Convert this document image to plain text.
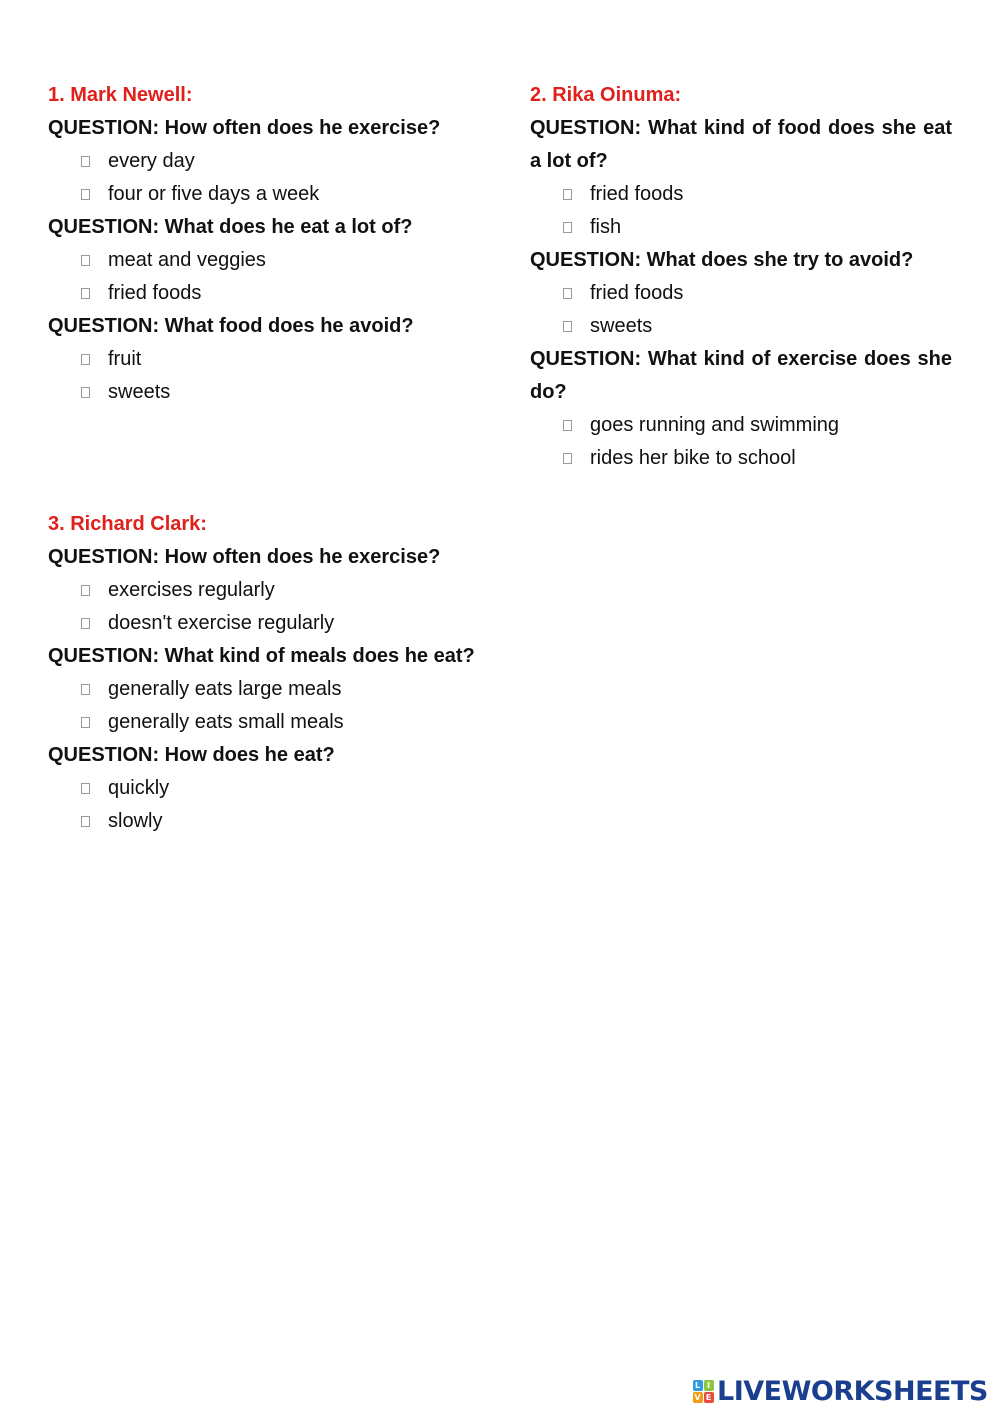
1. Mark Newell:
QUESTION: How often does he exercise?
every day
four or five days a week
QUESTION: What does he eat a lot of?
meat and veggies
fried foods
QUESTION: What food does he avoid?
fruit
sweets
2. Rika Oinuma:
QUESTION: What kind of food does she eat a lot of?
fried foods
fish
QUESTION: What does she try to avoid?
fried foods
sweets
QUESTION: What kind of exercise does she do?
goes running and swimming
rides her bike to school
3. Richard Clark:
QUESTION: How often does he exercise?
exercises regularly
doesn't exercise regularly
QUESTION: What kind of meals does he eat?
generally eats large meals
generally eats small meals
QUESTION: How does he eat?
quickly
slowly
L I
V E LIVEWORKSHEETS
